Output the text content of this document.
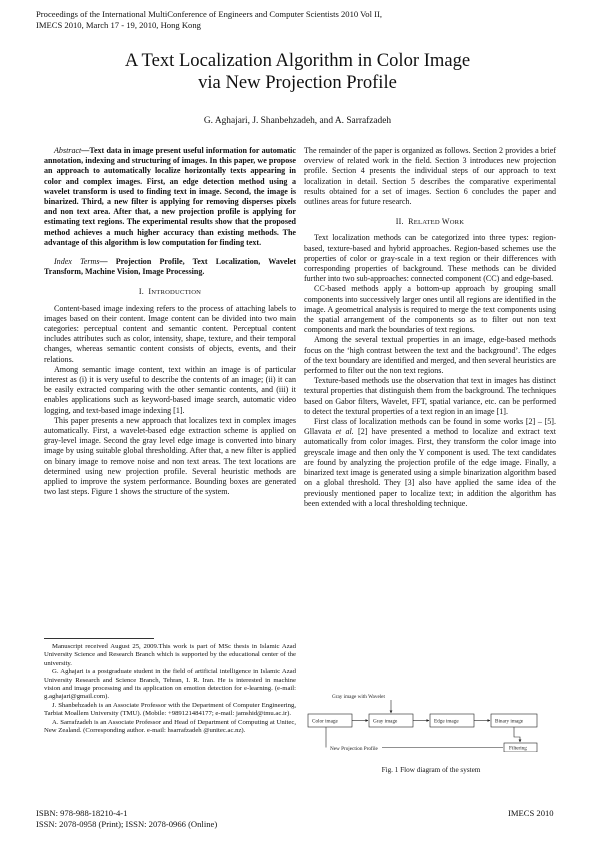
Proceedings of the International MultiConference of Engineers and Computer Scientists 2010 Vol II,
IMECS 2010, March 17 - 19, 2010, Hong Kong
A Text Localization Algorithm in Color Image
via New Projection Profile
G. Aghajari, J. Shanbehzadeh, and A. Sarrafzadeh

Abstract—Text data in image present useful information for automatic annotation, indexing and structuring of images. In this paper, we propose an approach to automatically localize horizontally texts appearing in color and complex images. First, an edge detection method using a wavelet transform is used to finding text in image. Second, the image is binarized. Third, a new filter is applying for removing disperses pixels and non text area. After that, a new projection profile is applying for estimating text regions. The experimental results show that the proposed method achieves a much higher accuracy than existing methods. The advantage of this algorithm is low computation for finding text.

Index Terms— Projection Profile, Text Localization, Wavelet Transform, Machine Vision, Image Processing.

I. INTRODUCTION

Content-based image indexing refers to the process of attaching labels to images based on their content. Image content can be divided into two main categories: perceptual content and semantic content. Perceptual content includes attributes such as color, intensity, shape, texture, and their temporal changes, whereas semantic content consists of objects, events, and their relations.

Among semantic image content, text within an image is of particular interest as (i) it is very useful to describe the contents of an image; (ii) it can be easily extracted comparing with the other semantic contents, and (iii) it enables applications such as keyword-based image search, automatic video logging, and text-based image indexing [1].

This paper presents a new approach that localizes text in complex images automatically. First, a wavelet-based edge extraction scheme is applied on gray-level image. Second the gray level edge image is converted into binary image by using suitable global thresholding. After that, a new filter is applied on binary image to remove noise and non text areas. The text locations are determined using new projection profile. Several heuristic methods are applied to improve the system performance. Bounding boxes are generated two last steps. Figure 1 shows the structure of the system.

Manuscript received August 25, 2009.This work is part of MSc thesis in Islamic Azad University Science and Research Branch which is supported by the educational center of the university.

G. Aghajari is a postgraduate student in the field of artificial intelligence in Islamic Azad University Research and Science Branch, Tehran, I. R. Iran. He is interested in machine vision and image processing and its application on emotion detection for e-learning. (e-mail: g.aghajari@gmail.com).

J. Shanbehzadeh is an Associate Professor with the Department of Computer Engineering, Tarbiat Moallem University (TMU). (Mobile: +989121484177; e-mail: jamshid@tmu.ac.ir).

A. Sarrafzadeh is an Associate Professor and Head of Department of Computing at Unitec, New Zealand. (Corresponding author. e-mail: hsarrafzadeh @unitec.ac.nz).

The remainder of the paper is organized as follows. Section 2 provides a brief overview of related work in the field. Section 3 introduces new projection profile. Section 4 presents the individual steps of our approach to text localization in detail. Section 5 describes the comparative experimental results obtained for a set of images. Section 6 concludes the paper and outlines areas for future research.

II. RELATED WORK

Text localization methods can be categorized into three types: region-based, texture-based and hybrid approaches. Region-based schemes use the properties of color or gray-scale in a text region or their differences with corresponding properties of background. These methods can be divided further into two sub-approaches: connected component (CC) and edge-based.

CC-based methods apply a bottom-up approach by grouping small components into successively larger ones until all regions are identified in the image. A geometrical analysis is required to merge the text components using the spatial arrangement of the components so as to filter out non text components and mark the boundaries of text regions.

Among the several textual properties in an image, edge-based methods focus on the ‘high contrast between the text and the background’. The edges of the text boundary are identified and merged, and then several heuristics are performed to filter out the non text regions.

Texture-based methods use the observation that text in images has distinct textural properties that distinguish them from the background. The techniques based on Gabor filters, Wavelet, FFT, spatial variance, etc. can be performed to detect the textural properties of a text region in an image [1].

First class of localization methods can be found in some works [2] – [5]. Gllavata et al. [2] have presented a method to localize and extract text automatically from color images. First, they transform the color image into greyscale image and then only the Y component is used. The text candidates are found by analyzing the projection profile of the edge image. Finally, a binarized text image is generated using a simple binarization algorithm based on a global threshold. They [3] also have applied the same idea of the previously mentioned paper to localize text; in addition the algorithm has been extended with a local thresholding technique.

Gray image with Wavelet
Color image	Gray image	Edge image	Binary image
New Projection Profile	Filtering
Fig. 1 Flow diagram of the system
ISBN: 978-988-18210-4-1
ISSN: 2078-0958 (Print); ISSN: 2078-0966 (Online)
IMECS 2010
